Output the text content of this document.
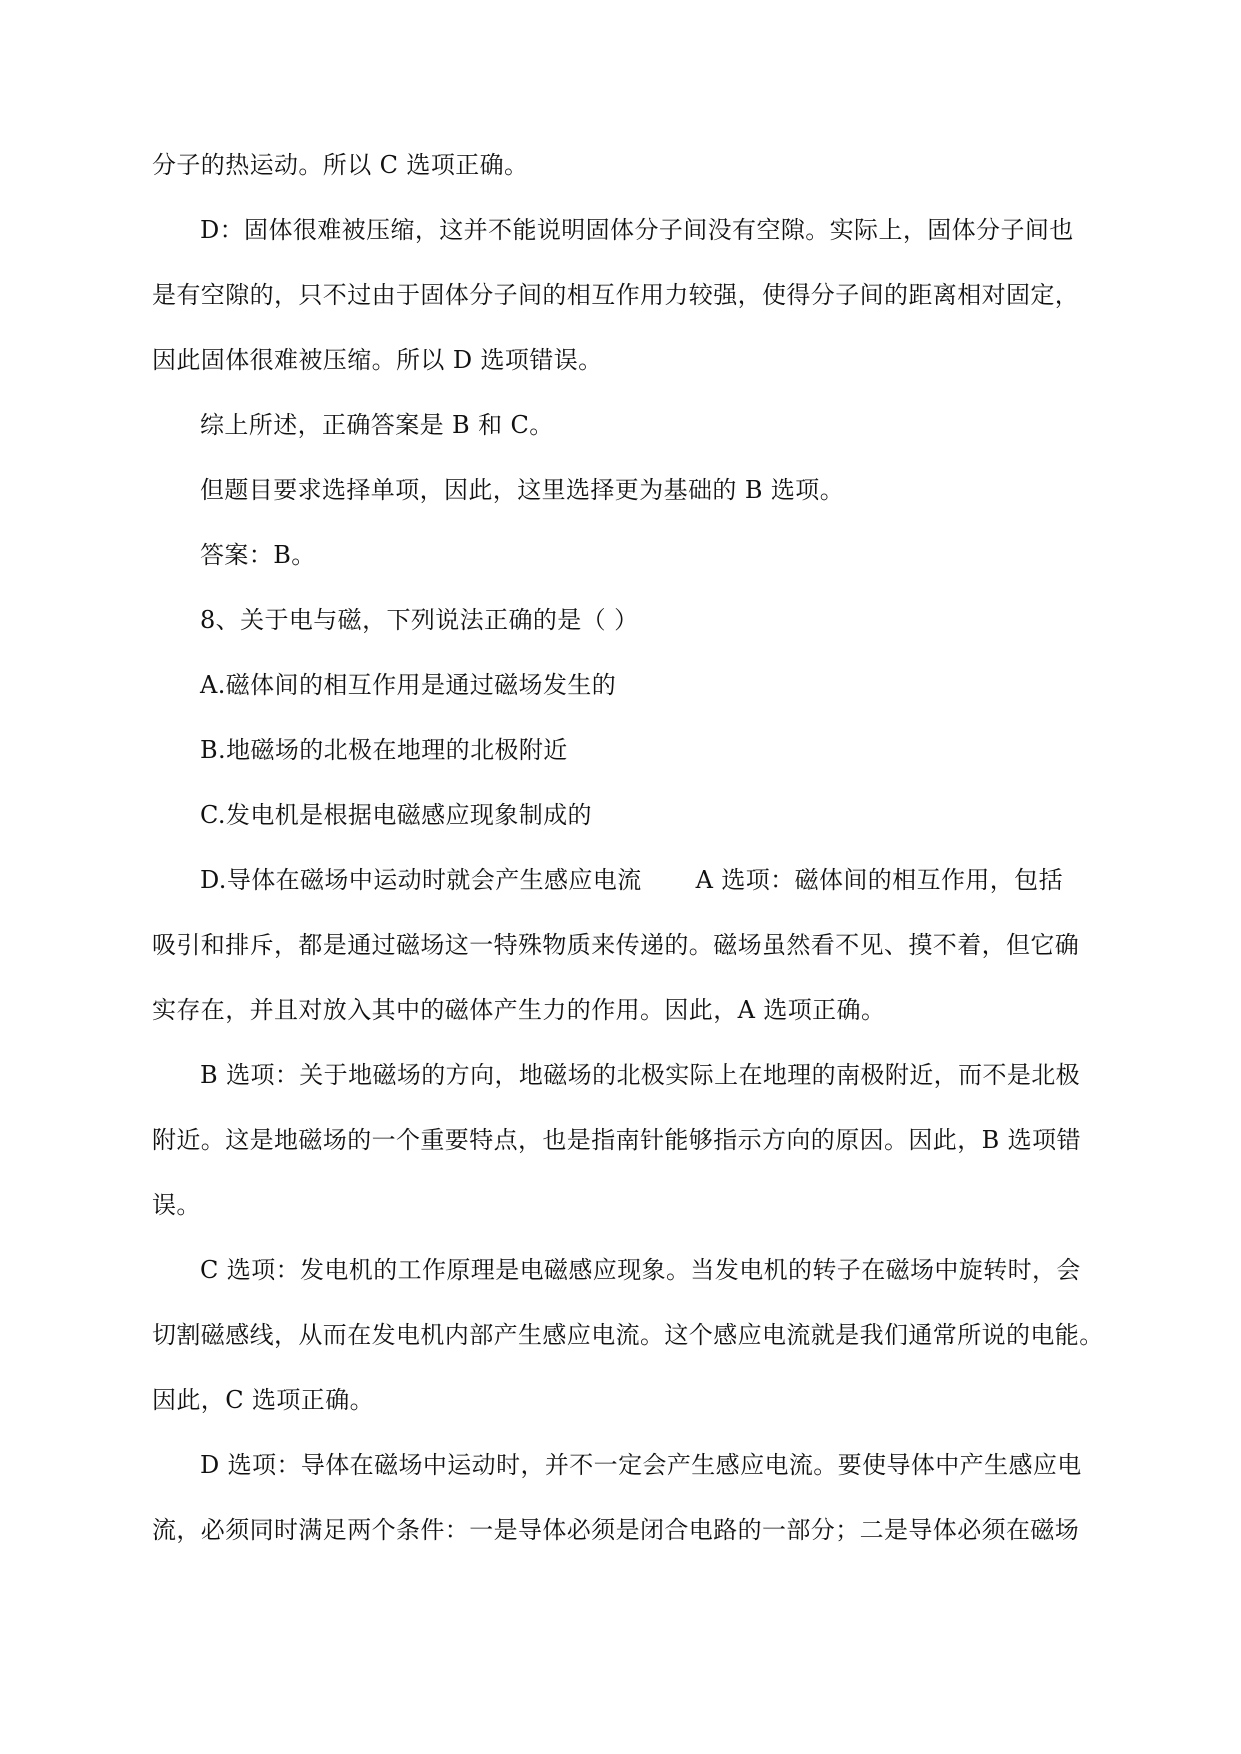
分子的热运动。所以 C 选项正确。
D：固体很难被压缩，这并不能说明固体分子间没有空隙。实际上，固体分子间也
是有空隙的，只不过由于固体分子间的相互作用力较强，使得分子间的距离相对固定，
因此固体很难被压缩。所以 D 选项错误。
综上所述，正确答案是 B 和 C。
但题目要求选择单项，因此，这里选择更为基础的 B 选项。
答案：B。
8、关于电与磁，下列说法正确的是（ ）
A.磁体间的相互作用是通过磁场发生的
B.地磁场的北极在地理的北极附近
C.发电机是根据电磁感应现象制成的
D.导体在磁场中运动时就会产生感应电流 A 选项：磁体间的相互作用，包括
吸引和排斥，都是通过磁场这一特殊物质来传递的。磁场虽然看不见、摸不着，但它确
实存在，并且对放入其中的磁体产生力的作用。因此，A 选项正确。
B 选项：关于地磁场的方向，地磁场的北极实际上在地理的南极附近，而不是北极
附近。这是地磁场的一个重要特点，也是指南针能够指示方向的原因。因此，B 选项错
误。
C 选项：发电机的工作原理是电磁感应现象。当发电机的转子在磁场中旋转时，会
切割磁感线，从而在发电机内部产生感应电流。这个感应电流就是我们通常所说的电能。
因此，C 选项正确。
D 选项：导体在磁场中运动时，并不一定会产生感应电流。要使导体中产生感应电
流，必须同时满足两个条件：一是导体必须是闭合电路的一部分；二是导体必须在磁场
